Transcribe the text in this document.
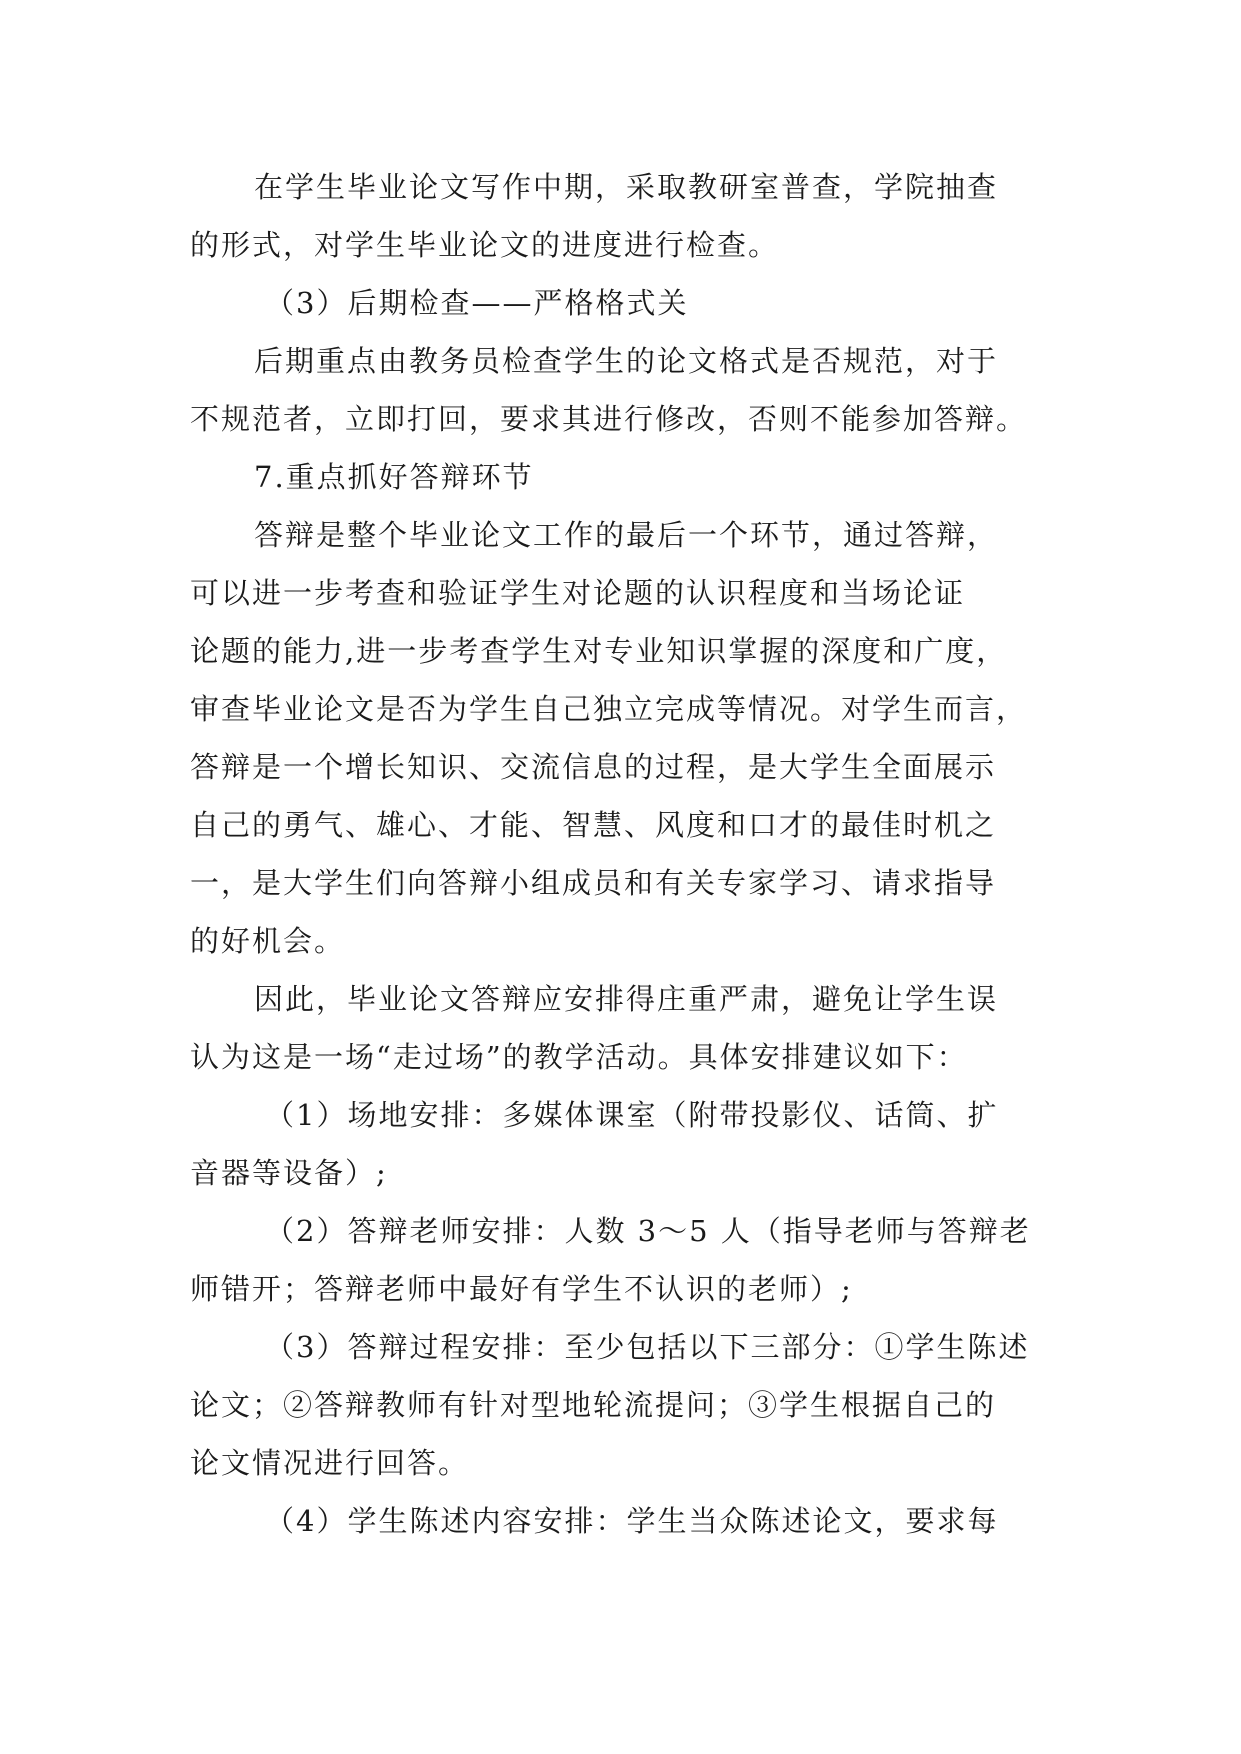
在学生毕业论文写作中期，采取教研室普查，学院抽查
的形式，对学生毕业论文的进度进行检查。
（3）后期检查——严格格式关
后期重点由教务员检查学生的论文格式是否规范，对于
不规范者，立即打回，要求其进行修改，否则不能参加答辩。
7.重点抓好答辩环节
答辩是整个毕业论文工作的最后一个环节，通过答辩，
可以进一步考查和验证学生对论题的认识程度和当场论证
论题的能力,进一步考查学生对专业知识掌握的深度和广度，
审查毕业论文是否为学生自己独立完成等情况。对学生而言，
答辩是一个增长知识、交流信息的过程，是大学生全面展示
自己的勇气、雄心、才能、智慧、风度和口才的最佳时机之
一，是大学生们向答辩小组成员和有关专家学习、请求指导
的好机会。
因此，毕业论文答辩应安排得庄重严肃，避免让学生误
认为这是一场“走过场”的教学活动。具体安排建议如下：
（1）场地安排：多媒体课室（附带投影仪、话筒、扩
音器等设备）;
（2）答辩老师安排：人数 3～5 人（指导老师与答辩老
师错开；答辩老师中最好有学生不认识的老师）;
（3）答辩过程安排：至少包括以下三部分：①学生陈述
论文；②答辩教师有针对型地轮流提问；③学生根据自己的
论文情况进行回答。
（4）学生陈述内容安排：学生当众陈述论文，要求每
